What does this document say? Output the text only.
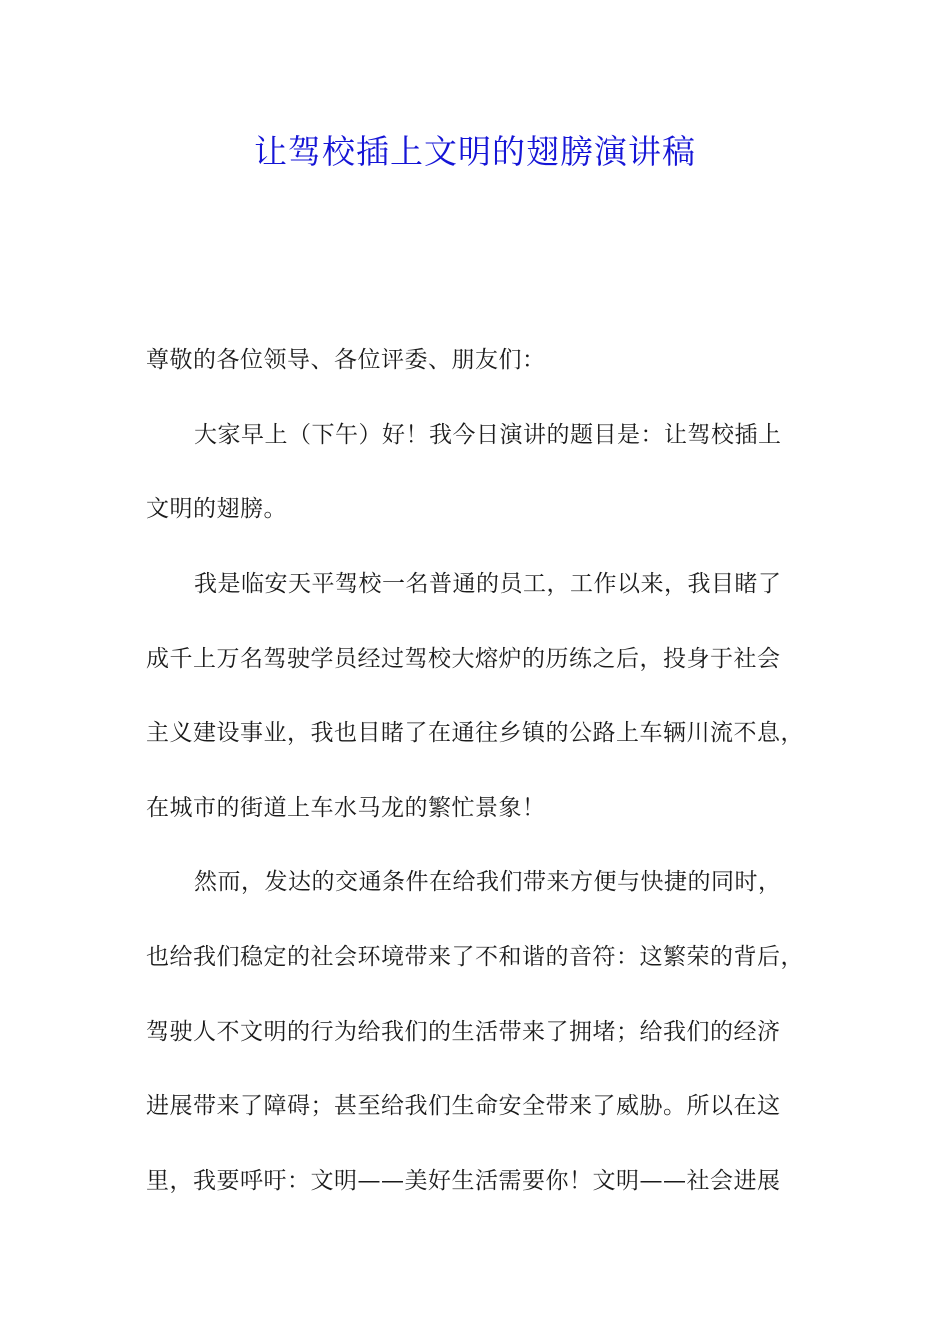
让驾校插上文明的翅膀演讲稿
尊敬的各位领导、各位评委、朋友们：
大家早上（下午）好！我今日演讲的题目是：让驾校插上
文明的翅膀。
我是临安天平驾校一名普通的员工，工作以来，我目睹了
成千上万名驾驶学员经过驾校大熔炉的历练之后，投身于社会
主义建设事业，我也目睹了在通往乡镇的公路上车辆川流不息，
在城市的街道上车水马龙的繁忙景象！
然而，发达的交通条件在给我们带来方便与快捷的同时，
也给我们稳定的社会环境带来了不和谐的音符：这繁荣的背后，
驾驶人不文明的行为给我们的生活带来了拥堵；给我们的经济
进展带来了障碍；甚至给我们生命安全带来了威胁。所以在这
里，我要呼吁：文明——美好生活需要你！文明——社会进展
